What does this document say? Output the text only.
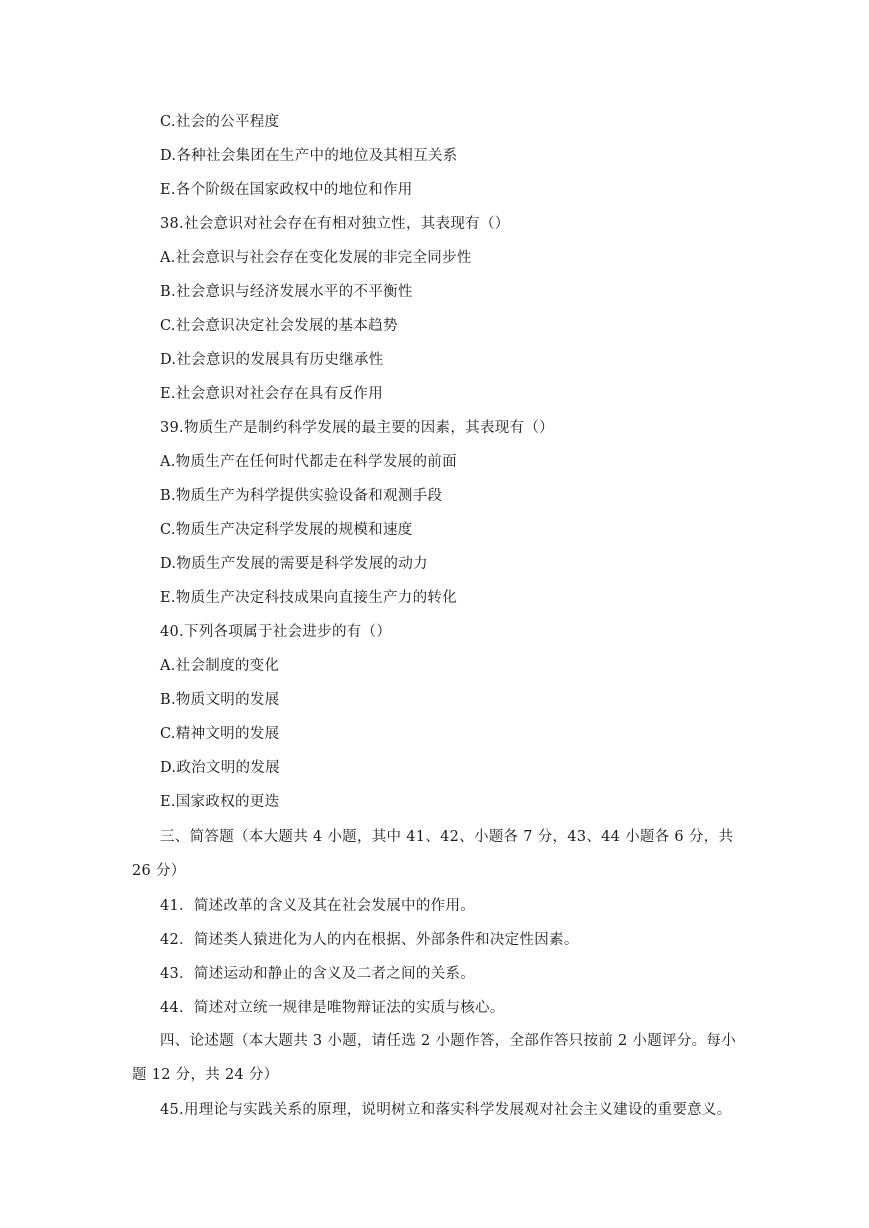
C.社会的公平程度
D.各种社会集团在生产中的地位及其相互关系
E.各个阶级在国家政权中的地位和作用
38.社会意识对社会存在有相对独立性，其表现有（）
A.社会意识与社会存在变化发展的非完全同步性
B.社会意识与经济发展水平的不平衡性
C.社会意识决定社会发展的基本趋势
D.社会意识的发展具有历史继承性
E.社会意识对社会存在具有反作用
39.物质生产是制约科学发展的最主要的因素，其表现有（）
A.物质生产在任何时代都走在科学发展的前面
B.物质生产为科学提供实验设备和观测手段
C.物质生产决定科学发展的规模和速度
D.物质生产发展的需要是科学发展的动力
E.物质生产决定科技成果向直接生产力的转化
40.下列各项属于社会进步的有（）
A.社会制度的变化
B.物质文明的发展
C.精神文明的发展
D.政治文明的发展
E.国家政权的更迭
三、简答题（本大题共 4 小题，其中 41、42、小题各 7 分，43、44 小题各 6 分，共 26 分）
41．简述改革的含义及其在社会发展中的作用。
42．简述类人猿进化为人的内在根据、外部条件和决定性因素。
43．简述运动和静止的含义及二者之间的关系。
44．简述对立统一规律是唯物辩证法的实质与核心。
四、论述题（本大题共 3 小题，请任选 2 小题作答，全部作答只按前 2 小题评分。每小题 12 分，共 24 分）
45.用理论与实践关系的原理，说明树立和落实科学发展观对社会主义建设的重要意义。
